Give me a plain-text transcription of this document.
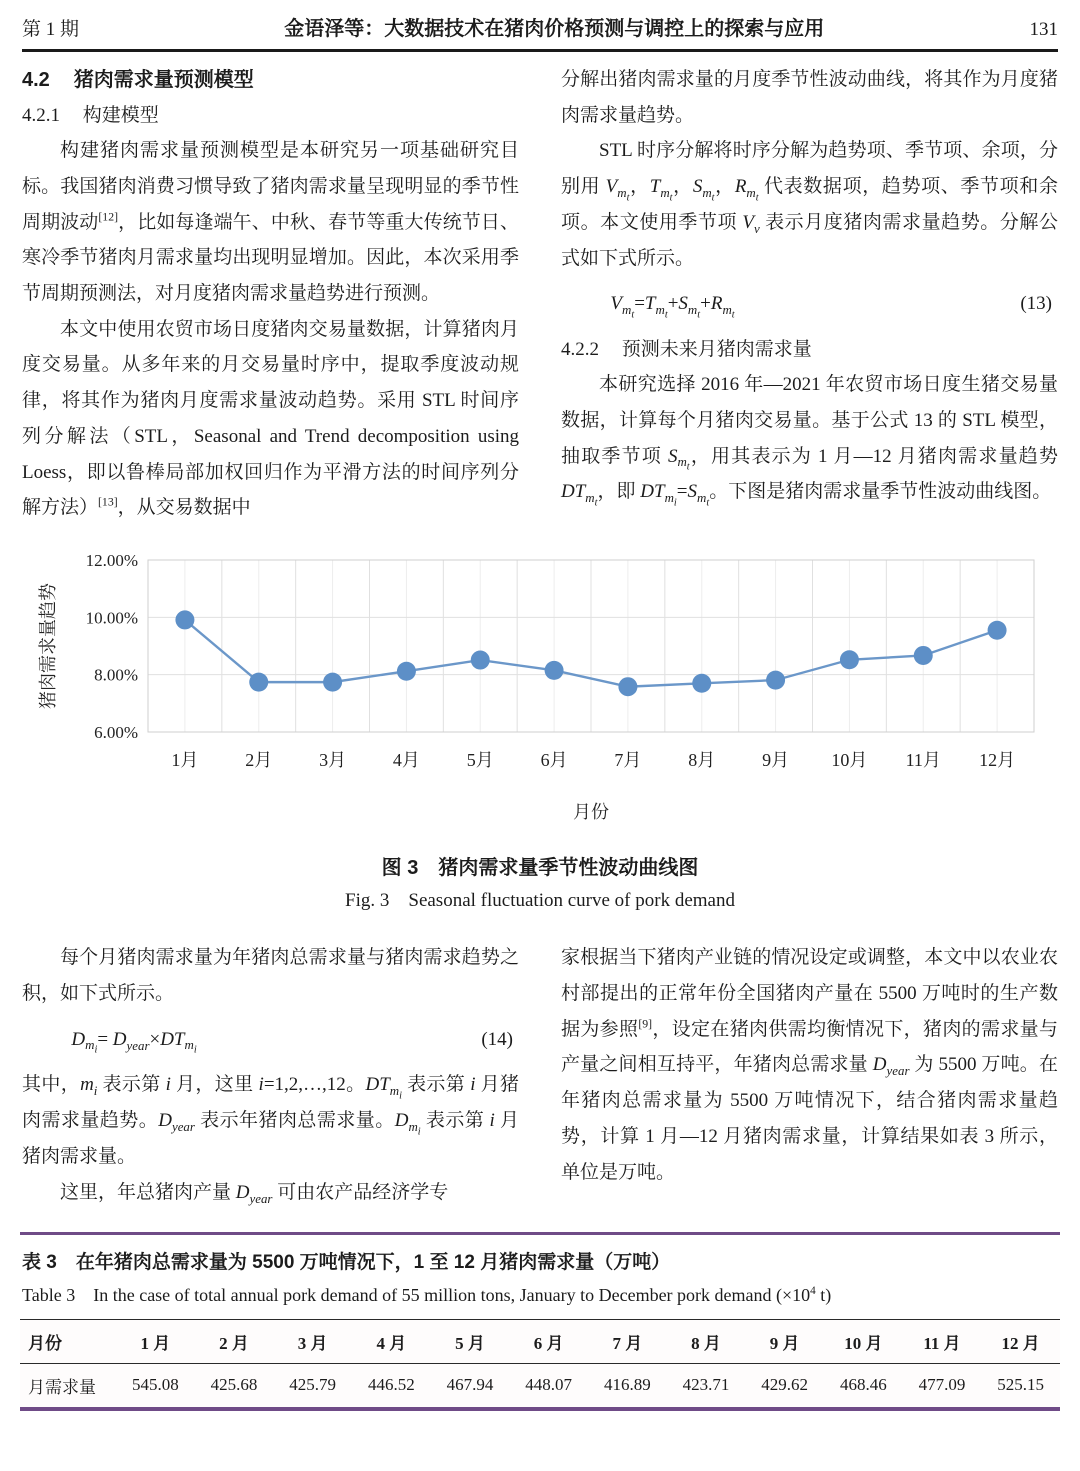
第 1 期	金语泽等：大数据技术在猪肉价格预测与调控上的探索与应用	131
4.2 猪肉需求量预测模型
4.2.1 构建模型

构建猪肉需求量预测模型是本研究另一项基础研究目标。我国猪肉消费习惯导致了猪肉需求量呈现明显的季节性周期波动[12]，比如每逢端午、中秋、春节等重大传统节日、寒冷季节猪肉月需求量均出现明显增加。因此，本次采用季节周期预测法，对月度猪肉需求量趋势进行预测。

本文中使用农贸市场日度猪肉交易量数据，计算猪肉月度交易量。从多年来的月交易量时序中，提取季度波动规律，将其作为猪肉月度需求量波动趋势。采用 STL 时间序列分解法（STL，Seasonal and Trend decomposition using Loess，即以鲁棒局部加权回归作为平滑方法的时间序列分解方法）[13]，从交易数据中

分解出猪肉需求量的月度季节性波动曲线，将其作为月度猪肉需求量趋势。

STL 时序分解将时序分解为趋势项、季节项、余项，分别用 $V_{m_t}$，$T_{m_t}$，$S_{m_t}$，$R_{m_t}$ 代表数据项，趋势项、季节项和余项。本文使用季节项 $V_v$ 表示月度猪肉需求量趋势。分解公式如下式所示。

$V_{m_t}=T_{m_t}+S_{m_t}+R_{m_t}$
(13)
4.2.2 预测未来月猪肉需求量

本研究选择 2016 年—2021 年农贸市场日度生猪交易量数据，计算每个月猪肉交易量。基于公式 13 的 STL 模型，抽取季节项 $S_{m_t}$，用其表示为 1 月—12 月猪肉需求量趋势 $DT_{m_t}$，即 $DT_{m_i}=S_{m_t}$。下图是猪肉需求量季节性波动曲线图。

12.00%
10.00%
8.00%
6.00%
猪肉需求量趋势
1月	2月	3月	4月	5月	6月	7月	8月	9月 10月 11月 12月
月份
图 3　猪肉需求量季节性波动曲线图
Fig. 3　Seasonal fluctuation curve of pork demand

每个月猪肉需求量为年猪肉总需求量与猪肉需求趋势之积，如下式所示。

$D_{m_i}= D_{year}\times DT_{m_i}$
(14)

其中，$m_i$ 表示第 i 月，这里 i=1,2,…,12。$DT_{m_i}$ 表示第 i 月猪肉需求量趋势。$D_{year}$ 表示年猪肉总需求量。$D_{m_i}$ 表示第 i 月猪肉需求量。

这里，年总猪肉产量 $D_{year}$ 可由农产品经济学专

家根据当下猪肉产业链的情况设定或调整，本文中以农业农村部提出的正常年份全国猪肉产量在 5500 万吨时的生产数据为参照[9]，设定在猪肉供需均衡情况下，猪肉的需求量与产量之间相互持平，年猪肉总需求量 $D_{year}$ 为 5500 万吨。在年猪肉总需求量为 5500 万吨情况下，结合猪肉需求量趋势，计算 1 月—12 月猪肉需求量，计算结果如表 3 所示，单位是万吨。

表 3　在年猪肉总需求量为 5500 万吨情况下，1 至 12 月猪肉需求量（万吨）
Table 3　In the case of total annual pork demand of 55 million tons, January to December pork demand ($\times 10^4$ t)
月份	1 月	2 月	3 月	4 月	5 月	6 月	7 月	8 月	9 月	10 月	11 月	12 月
月需求量	545.08	425.68	425.79	446.52	467.94	448.07	416.89	423.71	429.62	468.46	477.09	525.15
